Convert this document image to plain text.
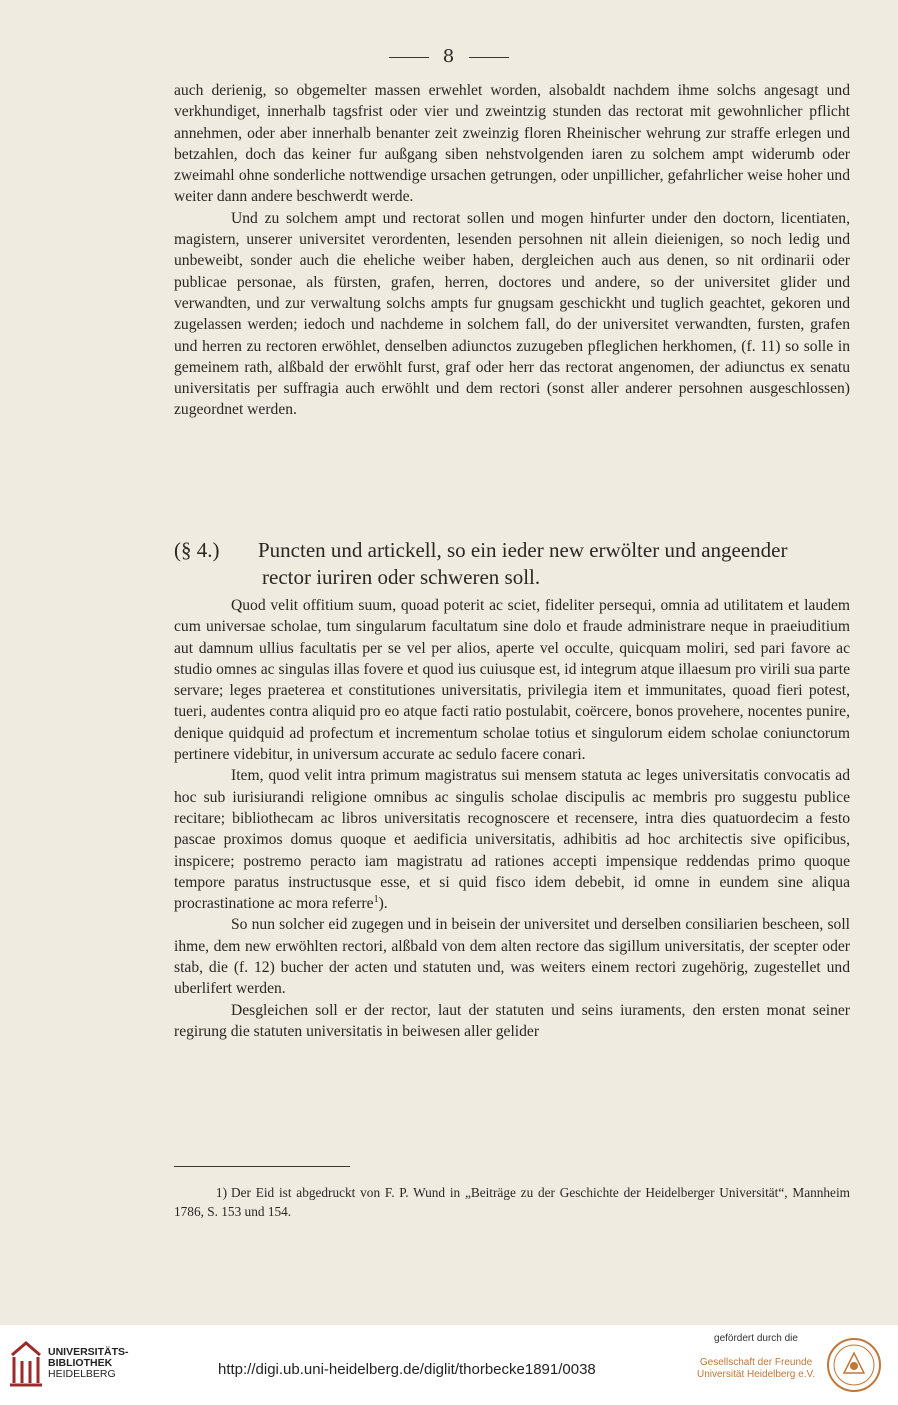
8

auch derienig, so obgemelter massen erwehlet worden, alsobaldt nachdem ihme solchs angesagt und verkhundiget, innerhalb tagsfrist oder vier und zweintzig stunden das rectorat mit gewohnlicher pflicht annehmen, oder aber innerhalb benanter zeit zweinzig floren Rheinischer wehrung zur straffe erlegen und betzahlen, doch das keiner fur außgang siben nehstvolgenden iaren zu solchem ampt widerumb oder zweimahl ohne sonderliche nottwendige ursachen getrungen, oder unpillicher, gefahrlicher weise hoher und weiter dann andere beschwerdt werde.

Und zu solchem ampt und rectorat sollen und mogen hinfurter under den doctorn, licentiaten, magistern, unserer universitet verordenten, lesenden persohnen nit allein dieienigen, so noch ledig und unbeweibt, sonder auch die eheliche weiber haben, dergleichen auch aus denen, so nit ordinarii oder publicae personae, als fürsten, grafen, herren, doctores und andere, so der universitet glider und verwandten, und zur verwaltung solchs ampts fur gnugsam geschickht und tuglich geachtet, gekoren und zugelassen werden; iedoch und nachdeme in solchem fall, do der universitet verwandten, fursten, grafen und herren zu rectoren erwöhlet, denselben adiunctos zuzugeben pfleglichen herkhomen, (f. 11) so solle in gemeinem rath, alßbald der erwöhlt furst, graf oder herr das rectorat angenomen, der adiunctus ex senatu universitatis per suffragia auch erwöhlt und dem rectori (sonst aller anderer persohnen ausgeschlossen) zugeordnet werden.

(§ 4.) Puncten und artickell, so ein ieder new erwölter und angeender
rector iuriren oder schweren soll.

Quod velit offitium suum, quoad poterit ac sciet, fideliter persequi, omnia ad utilitatem et laudem cum universae scholae, tum singularum facultatum sine dolo et fraude administrare neque in praeiuditium aut damnum ullius facultatis per se vel per alios, aperte vel occulte, quicquam moliri, sed pari favore ac studio omnes ac singulas illas fovere et quod ius cuiusque est, id integrum atque illaesum pro virili sua parte servare; leges praeterea et constitutiones universitatis, privilegia item et immunitates, quoad fieri potest, tueri, audentes contra aliquid pro eo atque facti ratio postulabit, coërcere, bonos provehere, nocentes punire, denique quidquid ad profectum et incrementum scholae totius et singulorum eidem scholae coniunctorum pertinere videbitur, in universum accurate ac sedulo facere conari.

Item, quod velit intra primum magistratus sui mensem statuta ac leges universitatis convocatis ad hoc sub iurisiurandi religione omnibus ac singulis scholae discipulis ac membris pro suggestu publice recitare; bibliothecam ac libros universitatis recognoscere et recensere, intra dies quatuordecim a festo pascae proximos domus quoque et aedificia universitatis, adhibitis ad hoc architectis sive opificibus, inspicere; postremo peracto iam magistratu ad rationes accepti impensique reddendas primo quoque tempore paratus instructusque esse, et si quid fisco idem debebit, id omne in eundem sine aliqua procrastinatione ac mora referre$^1$).

So nun solcher eid zugegen und in beisein der universitet und derselben consiliarien bescheen, soll ihme, dem new erwöhlten rectori, alßbald von dem alten rectore das sigillum universitatis, der scepter oder stab, die (f. 12) bucher der acten und statuten und, was weiters einem rectori zugehörig, zugestellet und uberlifert werden.

Desgleichen soll er der rector, laut der statuten und seins iuraments, den ersten monat seiner regirung die statuten universitatis in beiwesen aller gelider

1) Der Eid ist abgedruckt von F. P. Wund in „Beiträge zu der Geschichte der Heidelberger Universität“, Mannheim 1786, S. 153 und 154.
UNIVERSITÄTS-
BIBLIOTHEK
HEIDELBERG	http://digi.ub.uni-heidelberg.de/diglit/thorbecke1891/0038
gefördert durch die
Gesellschaft der Freunde
Universität Heidelberg e.V.
